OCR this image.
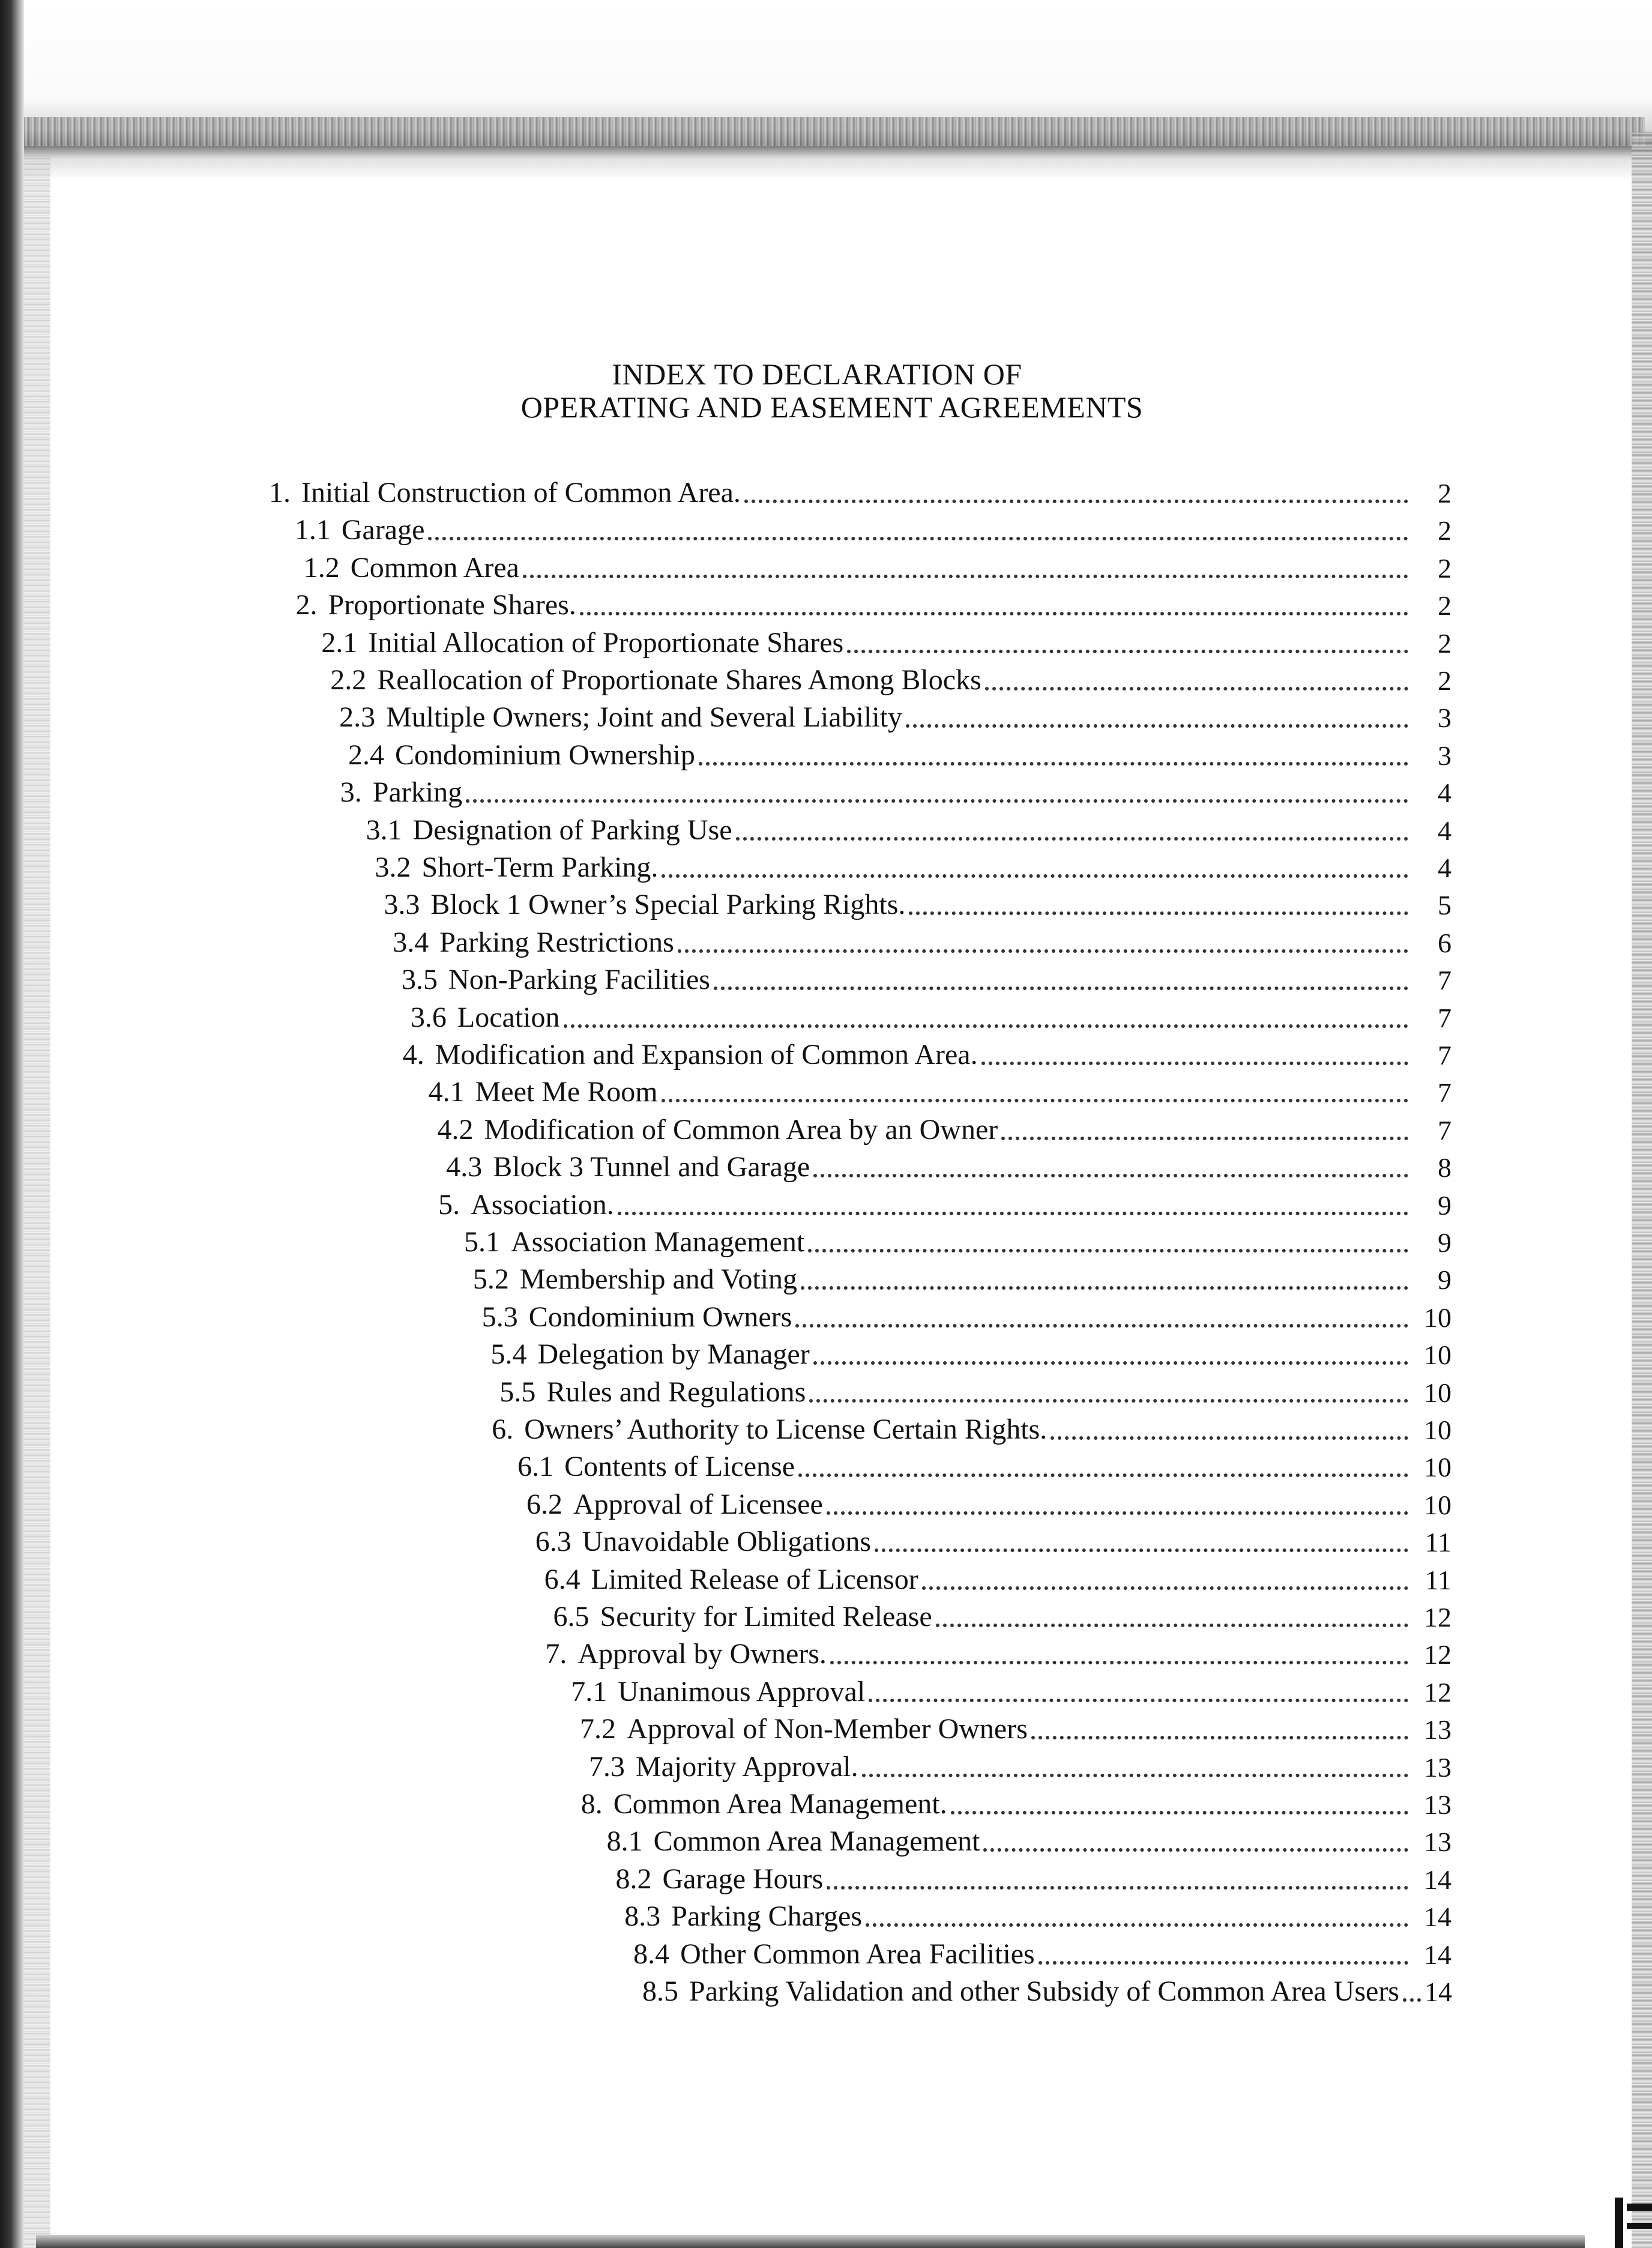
INDEX TO DECLARATION OF
OPERATING AND EASEMENT AGREEMENTS
1. Initial Construction of Common Area.	2
1.1 Garage	2
1.2 Common Area	2
2. Proportionate Shares.	2
2.1 Initial Allocation of Proportionate Shares	2
2.2 Reallocation of Proportionate Shares Among Blocks	2
2.3 Multiple Owners; Joint and Several Liability	3
2.4 Condominium Ownership	3
3. Parking	4
3.1 Designation of Parking Use	4
3.2 Short-Term Parking.	4
3.3 Block 1 Owner’s Special Parking Rights.	5
3.4 Parking Restrictions	6
3.5 Non-Parking Facilities	7
3.6 Location	7
4. Modification and Expansion of Common Area.	7
4.1 Meet Me Room	7
4.2 Modification of Common Area by an Owner	7
4.3 Block 3 Tunnel and Garage	8
5. Association.	9
5.1 Association Management	9
5.2 Membership and Voting	9
5.3 Condominium Owners	10
5.4 Delegation by Manager	10
5.5 Rules and Regulations	10
6. Owners’ Authority to License Certain Rights.	10
6.1 Contents of License	10
6.2 Approval of Licensee	10
6.3 Unavoidable Obligations	11
6.4 Limited Release of Licensor	11
6.5 Security for Limited Release	12
7. Approval by Owners.	12
7.1 Unanimous Approval	12
7.2 Approval of Non-Member Owners	13
7.3 Majority Approval.	13
8. Common Area Management.	13
8.1 Common Area Management	13
8.2 Garage Hours	14
8.3 Parking Charges	14
8.4 Other Common Area Facilities	14
8.5 Parking Validation and other Subsidy of Common Area Users 14
